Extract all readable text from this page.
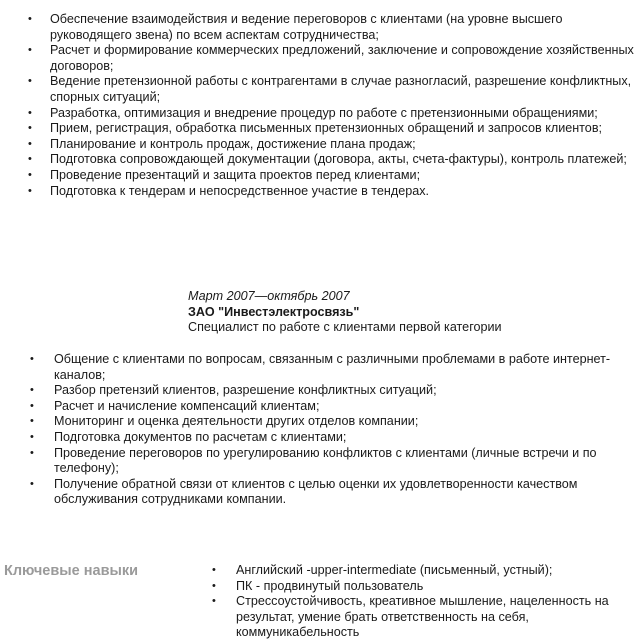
• Обеспечение взаимодействия и ведение переговоров с клиентами (на уровне высшего руководящего звена) по всем аспектам сотрудничества;
• Расчет и формирование коммерческих предложений, заключение и сопровождение хозяйственных договоров;
• Ведение претензионной работы с контрагентами в случае разногласий, разрешение конфликтных, спорных ситуаций;
• Разработка, оптимизация и внедрение процедур по работе с претензионными обращениями;
• Прием, регистрация, обработка письменных претензионных обращений и запросов клиентов;
• Планирование и контроль продаж, достижение плана продаж;
• Подготовка сопровождающей документации (договора, акты, счета-фактуры), контроль платежей;
• Проведение презентаций и защита проектов перед клиентами;
• Подготовка к тендерам и непосредственное участие в тендерах.
Март 2007—октябрь 2007
ЗАО "Инвестэлектросвязь"
Специалист по работе с клиентами первой категории
• Общение с клиентами по вопросам, связанным с различными проблемами в работе интернет-каналов;
• Разбор претензий клиентов, разрешение конфликтных ситуаций;
• Расчет и начисление компенсаций клиентам;
• Мониторинг и оценка деятельности других отделов компании;
• Подготовка документов по расчетам с клиентами;
• Проведение переговоров по урегулированию конфликтов с клиентами (личные встречи и по телефону);
• Получение обратной связи от клиентов с целью оценки их удовлетворенности качеством обслуживания сотрудниками компании.
Ключевые навыки	• Английский -upper-intermediate (письменный, устный);
• ПК - продвинутый пользователь
• Стрессоустойчивость, креативное мышление, нацеленность на результат, умение брать ответственность на себя, коммуникабельность
